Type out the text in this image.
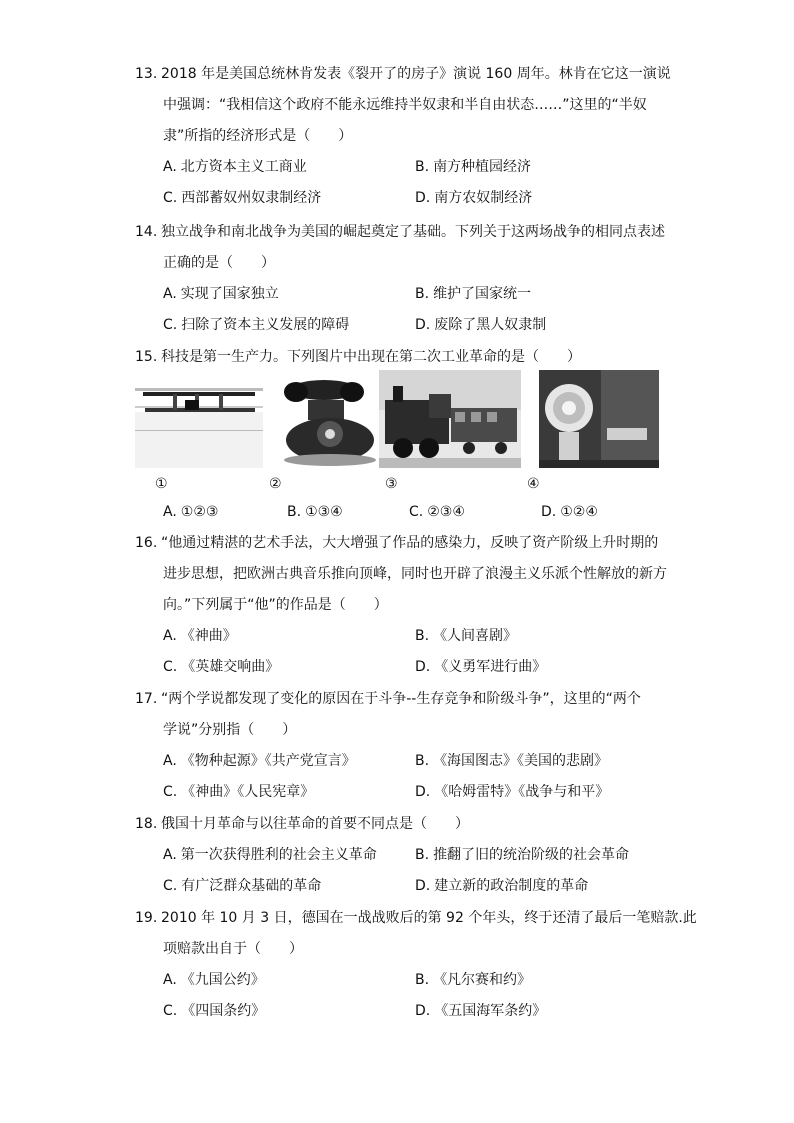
13. 2018 年是美国总统林肯发表《裂开了的房子》演说 160 周年。林肯在它这一演说
中强调：“我相信这个政府不能永远维持半奴隶和半自由状态……”这里的“半奴
隶”所指的经济形式是（　　）
A. 北方资本主义工商业	B. 南方种植园经济
C. 西部蓄奴州奴隶制经济	D. 南方农奴制经济
14. 独立战争和南北战争为美国的崛起奠定了基础。下列关于这两场战争的相同点表述
正确的是（　　）
A. 实现了国家独立	B. 维护了国家统一
C. 扫除了资本主义发展的障碍	D. 废除了黑人奴隶制
15. 科技是第一生产力。下列图片中出现在第二次工业革命的是（　　）
①	②	③	④
A. ①②③	B. ①③④	C. ②③④	D. ①②④
16. “他通过精湛的艺术手法，大大增强了作品的感染力，反映了资产阶级上升时期的
进步思想，把欧洲古典音乐推向顶峰，同时也开辟了浪漫主义乐派个性解放的新方
向。”下列属于“他”的作品是（　　）
A. 《神曲》	B. 《人间喜剧》
C. 《英雄交响曲》	D. 《义勇军进行曲》
17. “两个学说都发现了变化的原因在于斗争--生存竞争和阶级斗争”，这里的“两个
学说”分别指（　　）
A. 《物种起源》《共产党宣言》	B. 《海国图志》《美国的悲剧》
C. 《神曲》《人民宪章》	D. 《哈姆雷特》《战争与和平》
18. 俄国十月革命与以往革命的首要不同点是（　　）
A. 第一次获得胜利的社会主义革命	B. 推翻了旧的统治阶级的社会革命
C. 有广泛群众基础的革命	D. 建立新的政治制度的革命
19. 2010 年 10 月 3 日，德国在一战战败后的第 92 个年头，终于还清了最后一笔赔款.此
项赔款出自于（　　）
A. 《九国公约》	B. 《凡尔赛和约》
C. 《四国条约》	D. 《五国海军条约》
